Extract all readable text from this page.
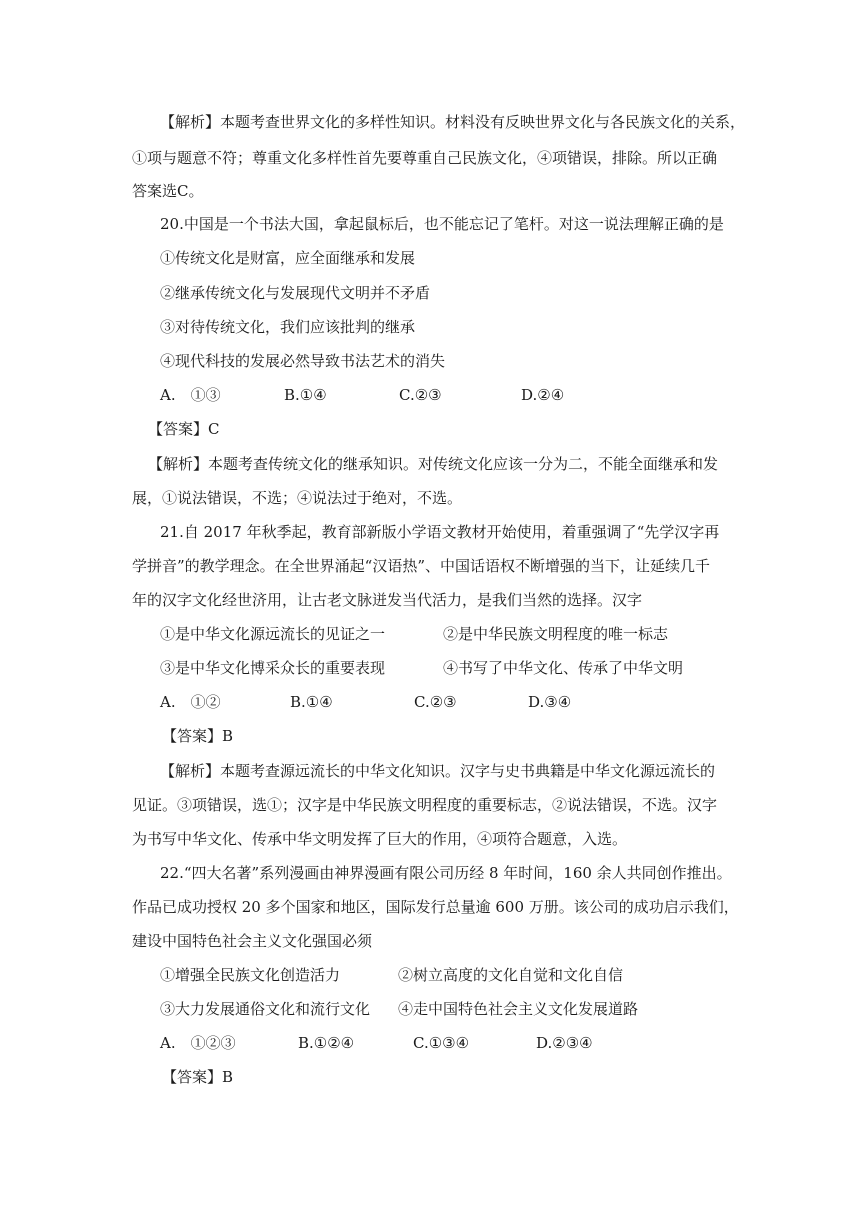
【解析】本题考查世界文化的多样性知识。材料没有反映世界文化与各民族文化的关系，
①项与题意不符；尊重文化多样性首先要尊重自己民族文化，④项错误，排除。所以正确
答案选C。
20.中国是一个书法大国，拿起鼠标后，也不能忘记了笔杆。对这一说法理解正确的是
①传统文化是财富，应全面继承和发展
②继承传统文化与发展现代文明并不矛盾
③对待传统文化，我们应该批判的继承
④现代科技的发展必然导致书法艺术的消失
A.　①③	B.①④	C.②③	D.②④
【答案】C
【解析】本题考查传统文化的继承知识。对传统文化应该一分为二，不能全面继承和发
展，①说法错误，不选；④说法过于绝对，不选。
21.自 2017 年秋季起，教育部新版小学语文教材开始使用，着重强调了“先学汉字再
学拼音”的教学理念。在全世界涌起“汉语热”、中国话语权不断增强的当下，让延续几千
年的汉字文化经世济用，让古老文脉迸发当代活力，是我们当然的选择。汉字
①是中华文化源远流长的见证之一	②是中华民族文明程度的唯一标志
③是中华文化博采众长的重要表现	④书写了中华文化、传承了中华文明
A.　①②	B.①④	C.②③	D.③④
【答案】B
【解析】本题考查源远流长的中华文化知识。汉字与史书典籍是中华文化源远流长的
见证。③项错误，选①；汉字是中华民族文明程度的重要标志，②说法错误，不选。汉字
为书写中华文化、传承中华文明发挥了巨大的作用，④项符合题意，入选。
22.“四大名著”系列漫画由神界漫画有限公司历经 8 年时间，160 余人共同创作推出。
作品已成功授权 20 多个国家和地区，国际发行总量逾 600 万册。该公司的成功启示我们，
建设中国特色社会主义文化强国必须
①增强全民族文化创造活力	②树立高度的文化自觉和文化自信
③大力发展通俗文化和流行文化 ④走中国特色社会主义文化发展道路
A.　①②③	B.①②④	C.①③④	D.②③④
【答案】B
